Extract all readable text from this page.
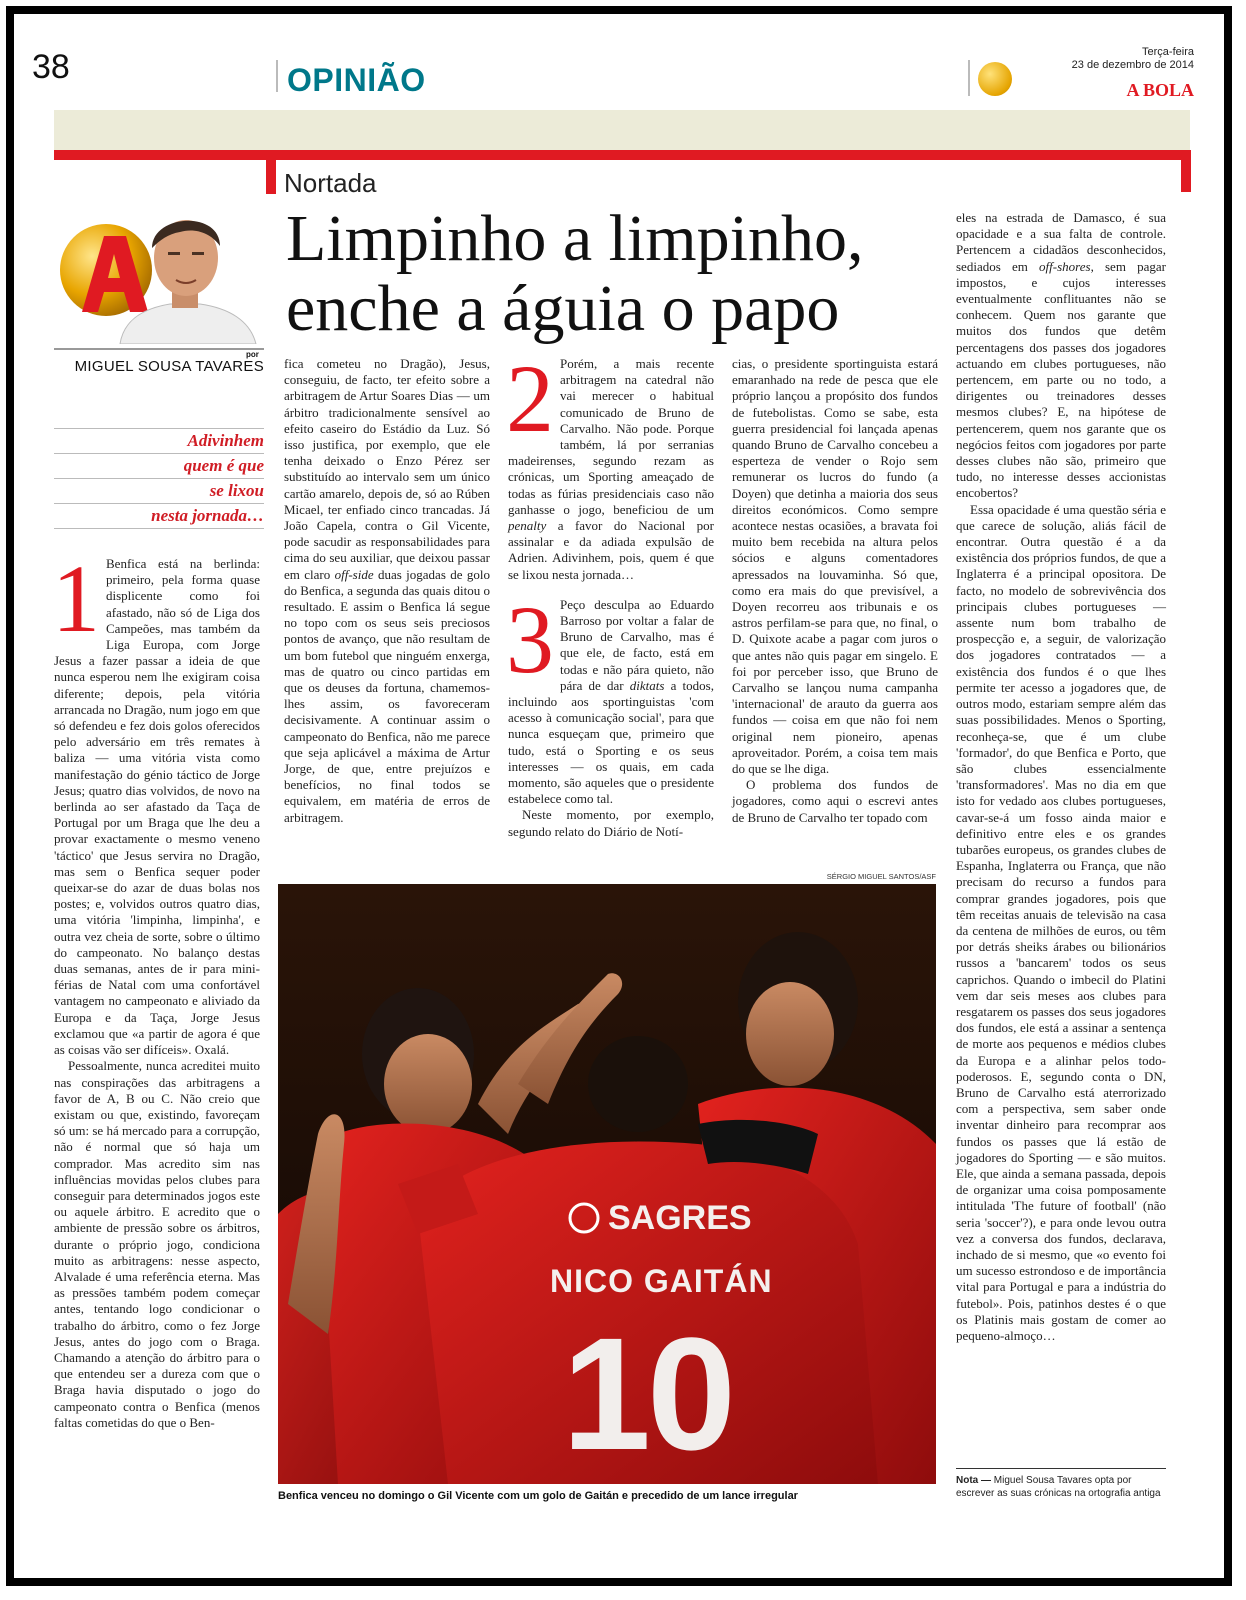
38	OPINIÃO
Terça-feira
23 de dezembro de 2014
A BOLA
Nortada
Limpinho a limpinho, enche a águia o papo
por
MIGUEL SOUSA TAVARES
Adivinhem
quem é que
se lixou
nesta jornada…

1 Benfica está na berlinda: primeiro, pela forma quase displicente como foi afastado, não só de Liga dos Campeões, mas também da Liga Europa, com Jorge Jesus a fazer passar a ideia de que nunca esperou nem lhe exigiram coisa diferente; depois, pela vitória arrancada no Dragão, num jogo em que só defendeu e fez dois golos oferecidos pelo adversário em três remates à baliza — uma vitória vista como manifestação do génio táctico de Jorge Jesus; quatro dias volvidos, de novo na berlinda ao ser afastado da Taça de Portugal por um Braga que lhe deu a provar exactamente o mesmo veneno 'táctico' que Jesus servira no Dragão, mas sem o Benfica sequer poder queixar-se do azar de duas bolas nos postes; e, volvidos outros quatro dias, uma vitória 'limpinha, limpinha', e outra vez cheia de sorte, sobre o último do campeonato. No balanço destas duas semanas, antes de ir para mini-férias de Natal com uma confortável vantagem no campeonato e aliviado da Europa e da Taça, Jorge Jesus exclamou que «a partir de agora é que as coisas vão ser difíceis». Oxalá.

Pessoalmente, nunca acreditei muito nas conspirações das arbitragens a favor de A, B ou C. Não creio que existam ou que, existindo, favoreçam só um: se há mercado para a corrupção, não é normal que só haja um comprador. Mas acredito sim nas influências movidas pelos clubes para conseguir para determinados jogos este ou aquele árbitro. E acredito que o ambiente de pressão sobre os árbitros, durante o próprio jogo, condiciona muito as arbitragens: nesse aspecto, Alvalade é uma referência eterna. Mas as pressões também podem começar antes, tentando logo condicionar o trabalho do árbitro, como o fez Jorge Jesus, antes do jogo com o Braga. Chamando a atenção do árbitro para o que entendeu ser a dureza com que o Braga havia disputado o jogo do campeonato contra o Benfica (menos faltas cometidas do que o Ben-

fica cometeu no Dragão), Jesus, conseguiu, de facto, ter efeito sobre a arbitragem de Artur Soares Dias — um árbitro tradicionalmente sensível ao efeito caseiro do Estádio da Luz. Só isso justifica, por exemplo, que ele tenha deixado o Enzo Pérez ser substituído ao intervalo sem um único cartão amarelo, depois de, só ao Rúben Micael, ter enfiado cinco trancadas. Já João Capela, contra o Gil Vicente, pode sacudir as responsabilidades para cima do seu auxiliar, que deixou passar em claro off-side duas jogadas de golo do Benfica, a segunda das quais ditou o resultado. E assim o Benfica lá segue no topo com os seus seis preciosos pontos de avanço, que não resultam de um bom futebol que ninguém enxerga, mas de quatro ou cinco partidas em que os deuses da fortuna, chamemos-lhes assim, os favoreceram decisivamente. A continuar assim o campeonato do Benfica, não me parece que seja aplicável a máxima de Artur Jorge, de que, entre prejuízos e benefícios, no final todos se equivalem, em matéria de erros de arbitragem.

2 Porém, a mais recente arbitragem na catedral não vai merecer o habitual comunicado de Bruno de Carvalho. Não pode. Porque também, lá por serranias madeirenses, segundo rezam as crónicas, um Sporting ameaçado de todas as fúrias presidenciais caso não ganhasse o jogo, beneficiou de um penalty a favor do Nacional por assinalar e da adiada expulsão de Adrien. Adivinhem, pois, quem é que se lixou nesta jornada…

3 Peço desculpa ao Eduardo Barroso por voltar a falar de Bruno de Carvalho, mas é que ele, de facto, está em todas e não pára quieto, não pára de dar diktats a todos, incluindo aos sportinguistas 'com acesso à comunicação social', para que nunca esqueçam que, primeiro que tudo, está o Sporting e os seus interesses — os quais, em cada momento, são aqueles que o presidente estabelece como tal.

Neste momento, por exemplo, segundo relato do Diário de Notí-

cias, o presidente sportinguista estará emaranhado na rede de pesca que ele próprio lançou a propósito dos fundos de futebolistas. Como se sabe, esta guerra presidencial foi lançada apenas quando Bruno de Carvalho concebeu a esperteza de vender o Rojo sem remunerar os lucros do fundo (a Doyen) que detinha a maioria dos seus direitos económicos. Como sempre acontece nestas ocasiões, a bravata foi muito bem recebida na altura pelos sócios e alguns comentadores apressados na louvaminha. Só que, como era mais do que previsível, a Doyen recorreu aos tribunais e os astros perfilam-se para que, no final, o D. Quixote acabe a pagar com juros o que antes não quis pagar em singelo. E foi por perceber isso, que Bruno de Carvalho se lançou numa campanha 'internacional' de arauto da guerra aos fundos — coisa em que não foi nem original nem pioneiro, apenas aproveitador. Porém, a coisa tem mais do que se lhe diga.

O problema dos fundos de jogadores, como aqui o escrevi antes de Bruno de Carvalho ter topado com

eles na estrada de Damasco, é sua opacidade e a sua falta de controle. Pertencem a cidadãos desconhecidos, sediados em off-shores, sem pagar impostos, e cujos interesses eventualmente conflituantes não se conhecem. Quem nos garante que muitos dos fundos que detêm percentagens dos passes dos jogadores actuando em clubes portugueses, não pertencem, em parte ou no todo, a dirigentes ou treinadores desses mesmos clubes? E, na hipótese de pertencerem, quem nos garante que os negócios feitos com jogadores por parte desses clubes não são, primeiro que tudo, no interesse desses accionistas encobertos?

Essa opacidade é uma questão séria e que carece de solução, aliás fácil de encontrar. Outra questão é a da existência dos próprios fundos, de que a Inglaterra é a principal opositora. De facto, no modelo de sobrevivência dos principais clubes portugueses — assente num bom trabalho de prospecção e, a seguir, de valorização dos jogadores contratados — a existência dos fundos é o que lhes permite ter acesso a jogadores que, de outros modo, estariam sempre além das suas possibilidades. Menos o Sporting, reconheça-se, que é um clube 'formador', do que Benfica e Porto, que são clubes essencialmente 'transformadores'. Mas no dia em que isto for vedado aos clubes portugueses, cavar-se-á um fosso ainda maior e definitivo entre eles e os grandes tubarões europeus, os grandes clubes de Espanha, Inglaterra ou França, que não precisam do recurso a fundos para comprar grandes jogadores, pois que têm receitas anuais de televisão na casa da centena de milhões de euros, ou têm por detrás sheiks árabes ou bilionários russos a 'bancarem' todos os seus caprichos. Quando o imbecil do Platini vem dar seis meses aos clubes para resgatarem os passes dos seus jogadores dos fundos, ele está a assinar a sentença de morte aos pequenos e médios clubes da Europa e a alinhar pelos todo-poderosos. E, segundo conta o DN, Bruno de Carvalho está aterrorizado com a perspectiva, sem saber onde inventar dinheiro para recomprar aos fundos os passes que lá estão de jogadores do Sporting — e são muitos. Ele, que ainda a semana passada, depois de organizar uma coisa pomposamente intitulada 'The future of football' (não seria 'soccer'?), e para onde levou outra vez a conversa dos fundos, declarava, inchado de si mesmo, que «o evento foi um sucesso estrondoso e de importância vital para Portugal e para a indústria do futebol». Pois, patinhos destes é o que os Platinis mais gostam de comer ao pequeno-almoço…

SÉRGIO MIGUEL SANTOS/ASF
SAGRES
NICO GAITÁN
10
Benfica venceu no domingo o Gil Vicente com um golo de Gaitán e precedido de um lance irregular
Nota — Miguel Sousa Tavares opta por escrever as suas crónicas na ortografia antiga
